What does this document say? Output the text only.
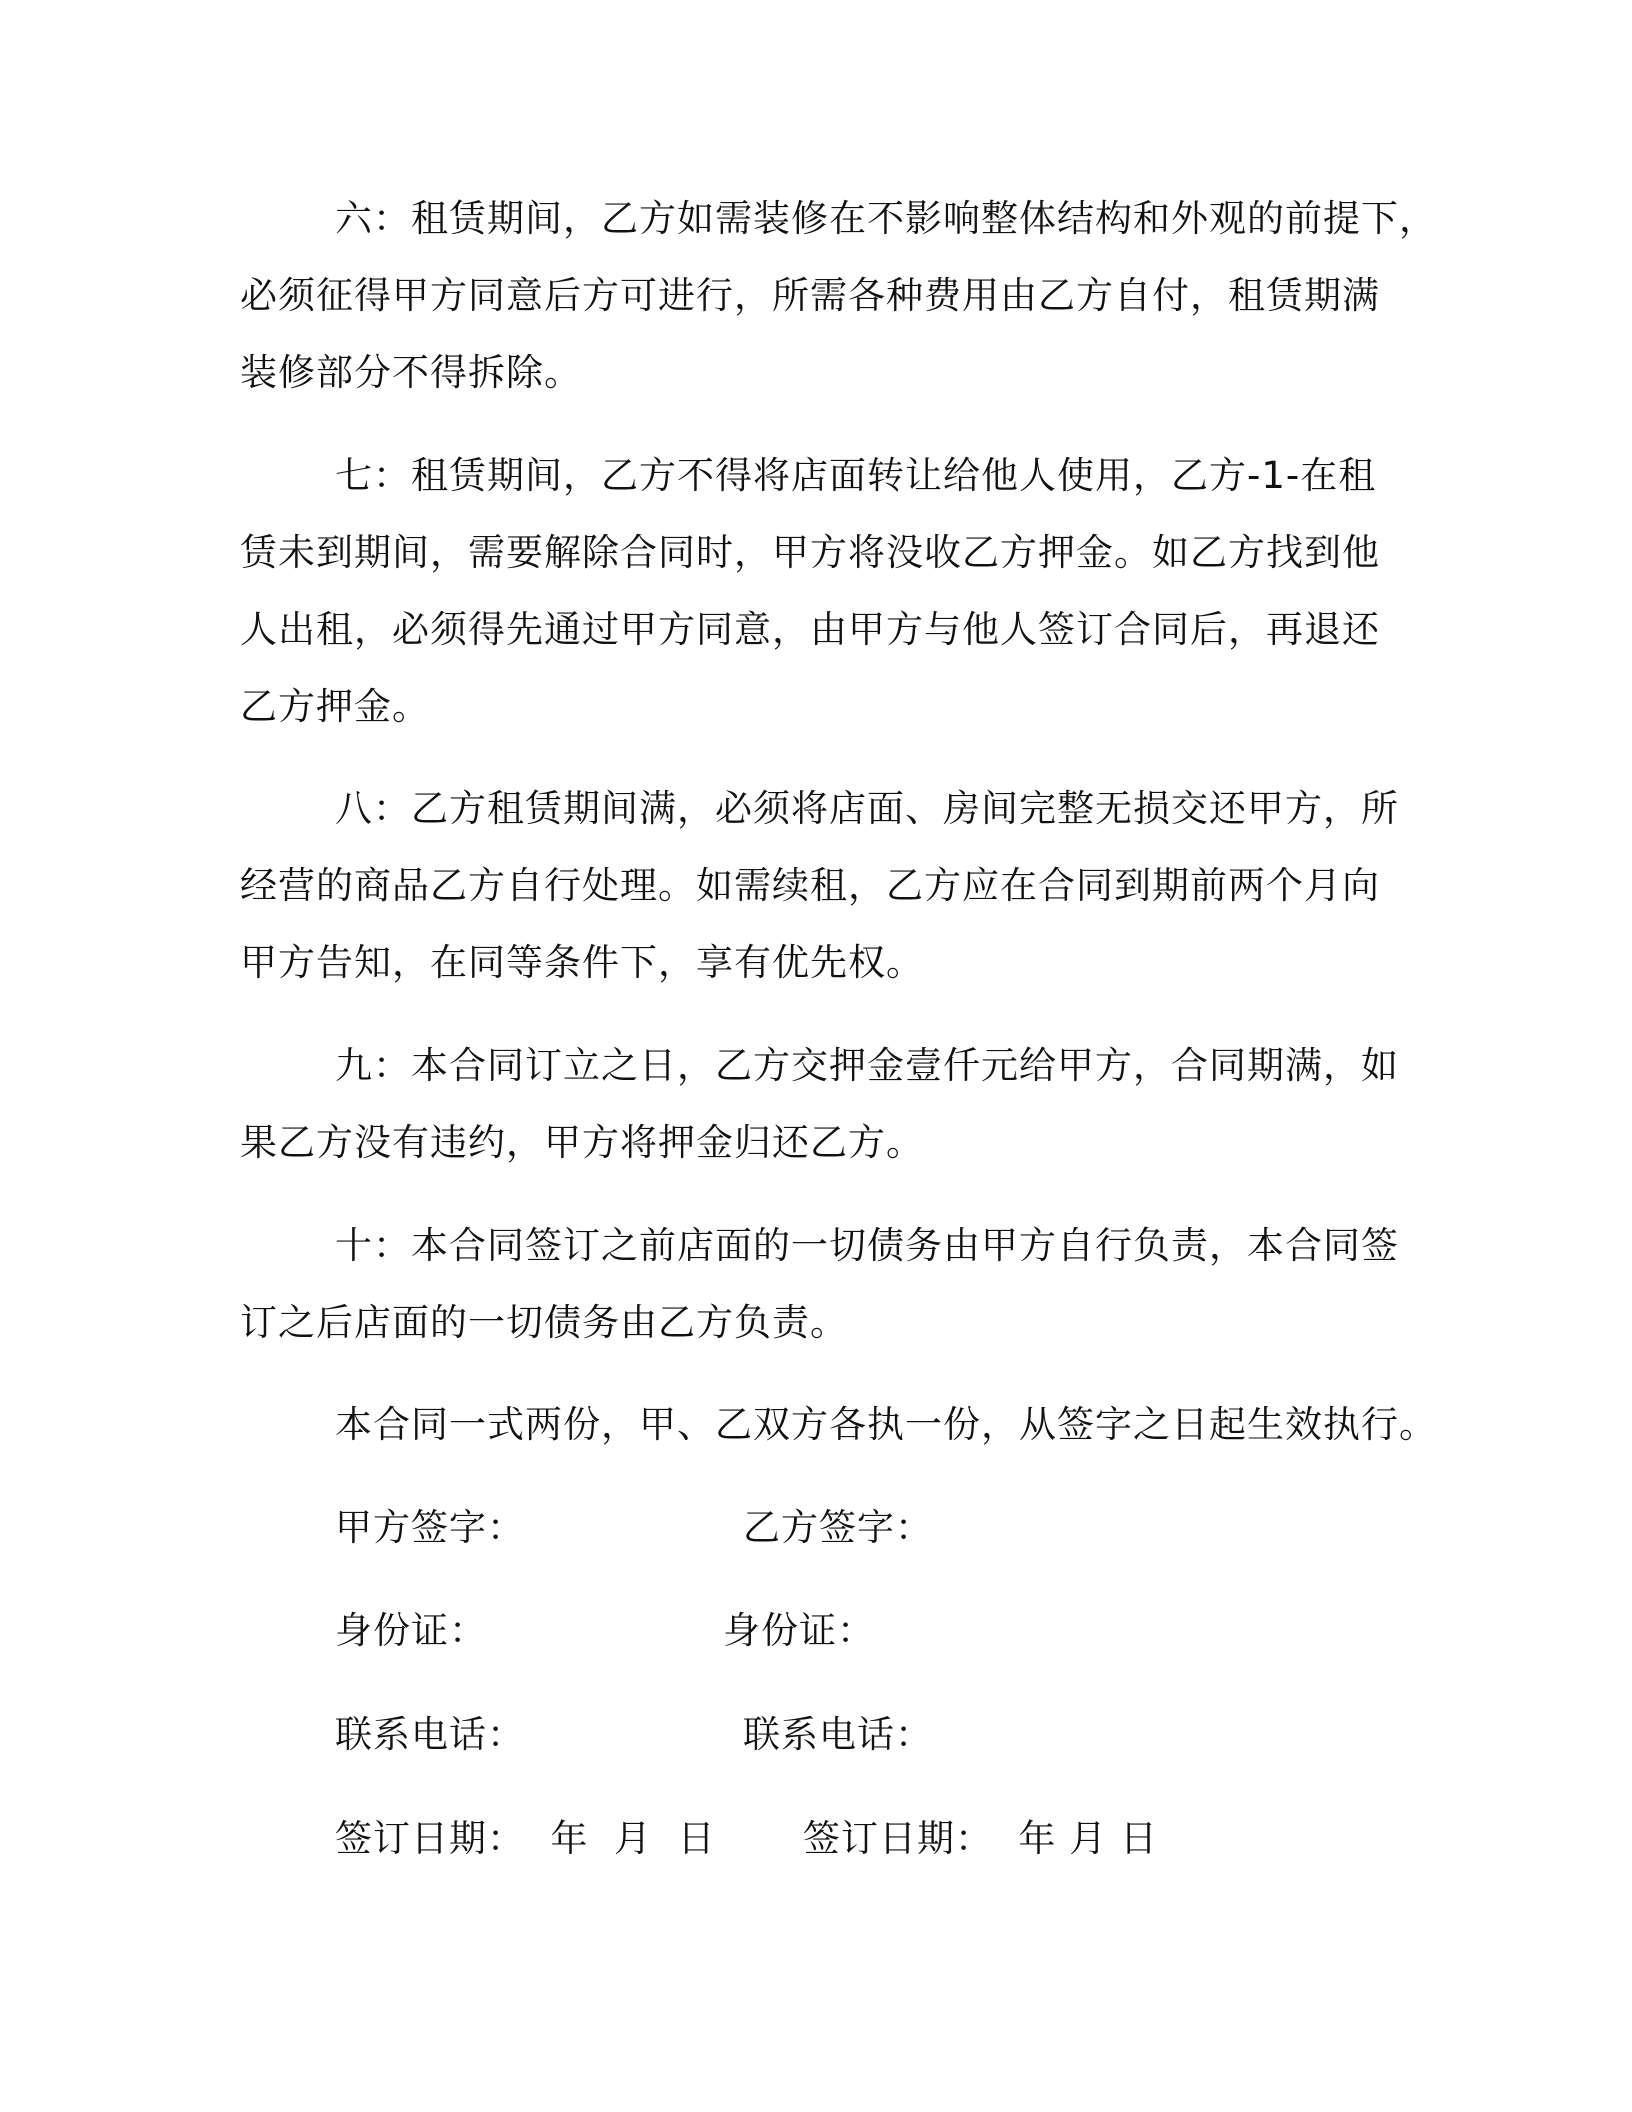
六：租赁期间，乙方如需装修在不影响整体结构和外观的前提下，
必须征得甲方同意后方可进行，所需各种费用由乙方自付，租赁期满
装修部分不得拆除。
七：租赁期间，乙方不得将店面转让给他人使用，乙方-1-在租
赁未到期间，需要解除合同时，甲方将没收乙方押金。如乙方找到他
人出租，必须得先通过甲方同意，由甲方与他人签订合同后，再退还
乙方押金。
八：乙方租赁期间满，必须将店面、房间完整无损交还甲方，所
经营的商品乙方自行处理。如需续租，乙方应在合同到期前两个月向
甲方告知，在同等条件下，享有优先权。
九：本合同订立之日，乙方交押金壹仟元给甲方，合同期满，如
果乙方没有违约，甲方将押金归还乙方。
十：本合同签订之前店面的一切债务由甲方自行负责，本合同签
订之后店面的一切债务由乙方负责。
本合同一式两份，甲、乙双方各执一份，从签字之日起生效执行。
甲方签字：	乙方签字：
身份证：	身份证：
联系电话：	联系电话：
签订日期：  年  月  日 签订日期：  年 月 日
